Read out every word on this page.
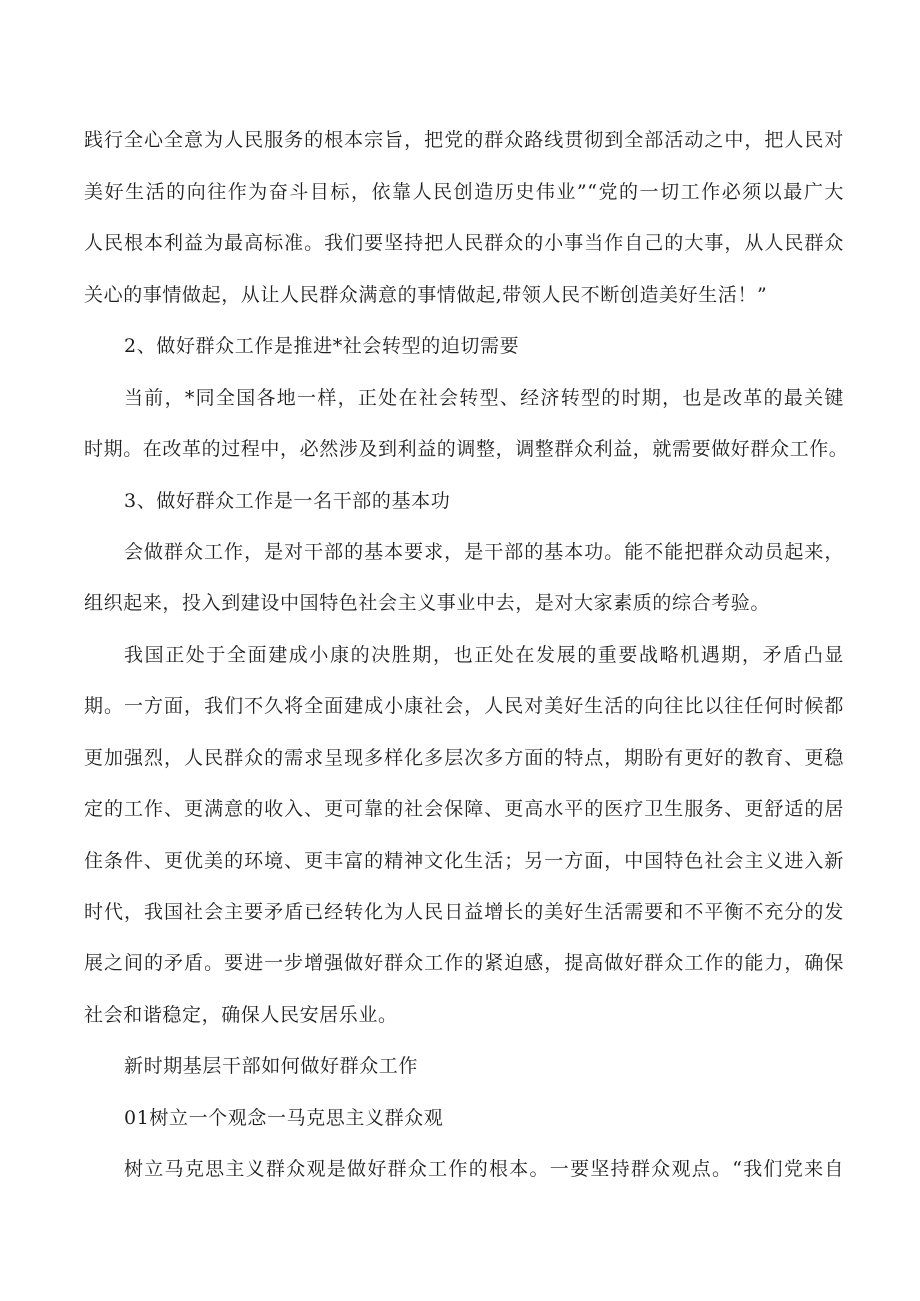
践行全心全意为人民服务的根本宗旨，把党的群众路线贯彻到全部活动之中，把人民对
美好生活的向往作为奋斗目标，依靠人民创造历史伟业”“党的一切工作必须以最广大
人民根本利益为最高标准。我们要坚持把人民群众的小事当作自己的大事，从人民群众
关心的事情做起，从让人民群众满意的事情做起,带领人民不断创造美好生活！”
2、做好群众工作是推进*社会转型的迫切需要
当前，*同全国各地一样，正处在社会转型、经济转型的时期，也是改革的最关键
时期。在改革的过程中，必然涉及到利益的调整，调整群众利益，就需要做好群众工作。
3、做好群众工作是一名干部的基本功
会做群众工作，是对干部的基本要求，是干部的基本功。能不能把群众动员起来，
组织起来，投入到建设中国特色社会主义事业中去，是对大家素质的综合考验。
我国正处于全面建成小康的决胜期，也正处在发展的重要战略机遇期，矛盾凸显
期。一方面，我们不久将全面建成小康社会，人民对美好生活的向往比以往任何时候都
更加强烈，人民群众的需求呈现多样化多层次多方面的特点，期盼有更好的教育、更稳
定的工作、更满意的收入、更可靠的社会保障、更高水平的医疗卫生服务、更舒适的居
住条件、更优美的环境、更丰富的精神文化生活；另一方面，中国特色社会主义进入新
时代，我国社会主要矛盾已经转化为人民日益增长的美好生活需要和不平衡不充分的发
展之间的矛盾。要进一步增强做好群众工作的紧迫感，提高做好群众工作的能力，确保
社会和谐稳定，确保人民安居乐业。
新时期基层干部如何做好群众工作
01树立一个观念一马克思主义群众观
树立马克思主义群众观是做好群众工作的根本。一要坚持群众观点。“我们党来自
